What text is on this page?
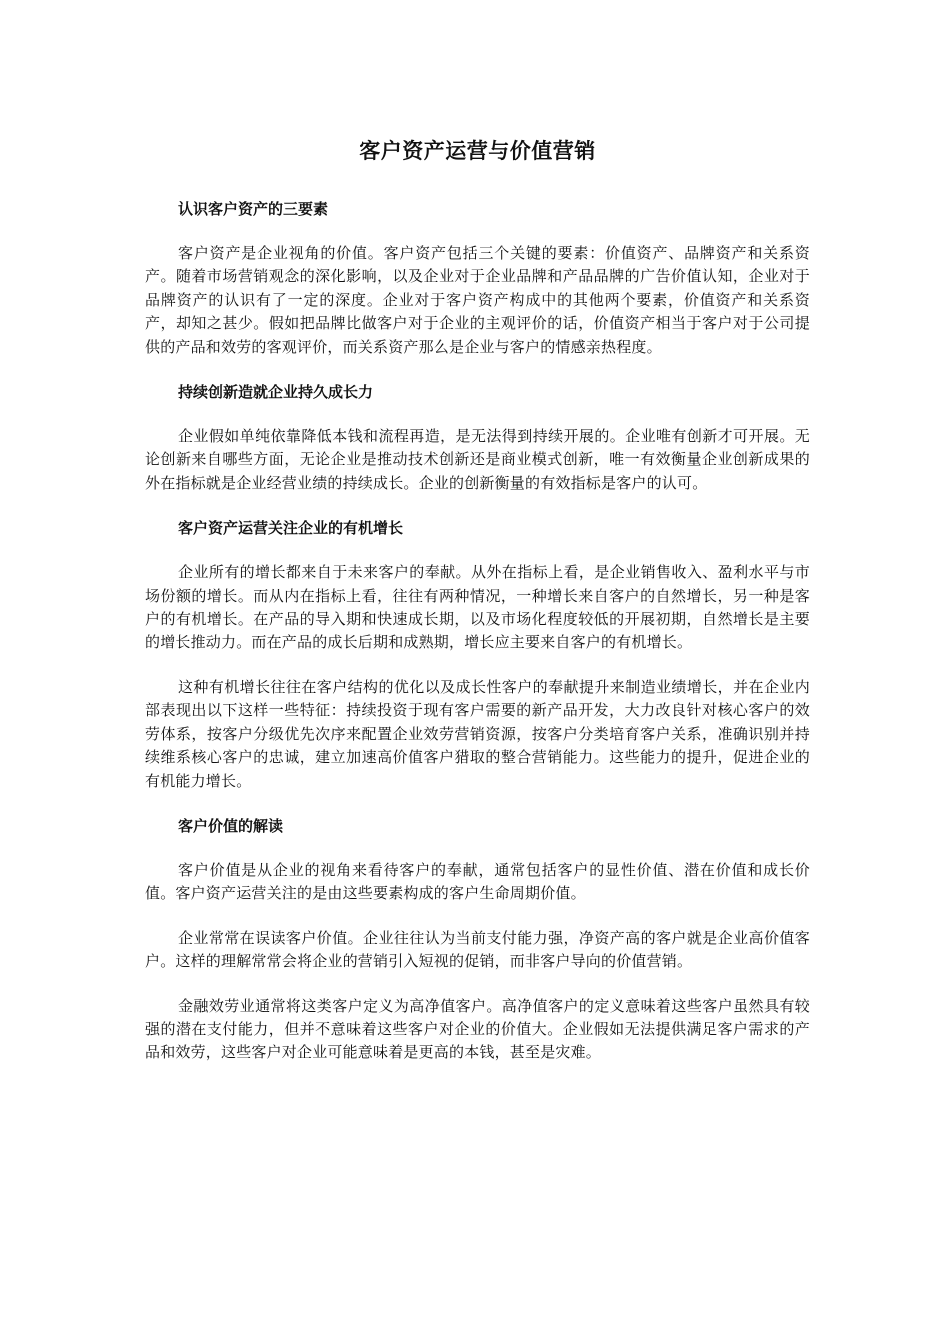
客户资产运营与价值营销
认识客户资产的三要素

客户资产是企业视角的价值。客户资产包括三个关键的要素：价值资产、品牌资产和关系资产。随着市场营销观念的深化影响，以及企业对于企业品牌和产品品牌的广告价值认知，企业对于品牌资产的认识有了一定的深度。企业对于客户资产构成中的其他两个要素，价值资产和关系资产，却知之甚少。假如把品牌比做客户对于企业的主观评价的话，价值资产相当于客户对于公司提供的产品和效劳的客观评价，而关系资产那么是企业与客户的情感亲热程度。

持续创新造就企业持久成长力

企业假如单纯依靠降低本钱和流程再造，是无法得到持续开展的。企业唯有创新才可开展。无论创新来自哪些方面，无论企业是推动技术创新还是商业模式创新，唯一有效衡量企业创新成果的外在指标就是企业经营业绩的持续成长。企业的创新衡量的有效指标是客户的认可。

客户资产运营关注企业的有机增长

企业所有的增长都来自于未来客户的奉献。从外在指标上看，是企业销售收入、盈利水平与市场份额的增长。而从内在指标上看，往往有两种情况，一种增长来自客户的自然增长，另一种是客户的有机增长。在产品的导入期和快速成长期，以及市场化程度较低的开展初期，自然增长是主要的增长推动力。而在产品的成长后期和成熟期，增长应主要来自客户的有机增长。

这种有机增长往往在客户结构的优化以及成长性客户的奉献提升来制造业绩增长，并在企业内部表现出以下这样一些特征：持续投资于现有客户需要的新产品开发，大力改良针对核心客户的效劳体系，按客户分级优先次序来配置企业效劳营销资源，按客户分类培育客户关系，准确识别并持续维系核心客户的忠诚，建立加速高价值客户猎取的整合营销能力。这些能力的提升，促进企业的有机能力增长。

客户价值的解读

客户价值是从企业的视角来看待客户的奉献，通常包括客户的显性价值、潜在价值和成长价值。客户资产运营关注的是由这些要素构成的客户生命周期价值。

企业常常在误读客户价值。企业往往认为当前支付能力强，净资产高的客户就是企业高价值客户。这样的理解常常会将企业的营销引入短视的促销，而非客户导向的价值营销。

金融效劳业通常将这类客户定义为高净值客户。高净值客户的定义意味着这些客户虽然具有较强的潜在支付能力，但并不意味着这些客户对企业的价值大。企业假如无法提供满足客户需求的产品和效劳，这些客户对企业可能意味着是更高的本钱，甚至是灾难。
